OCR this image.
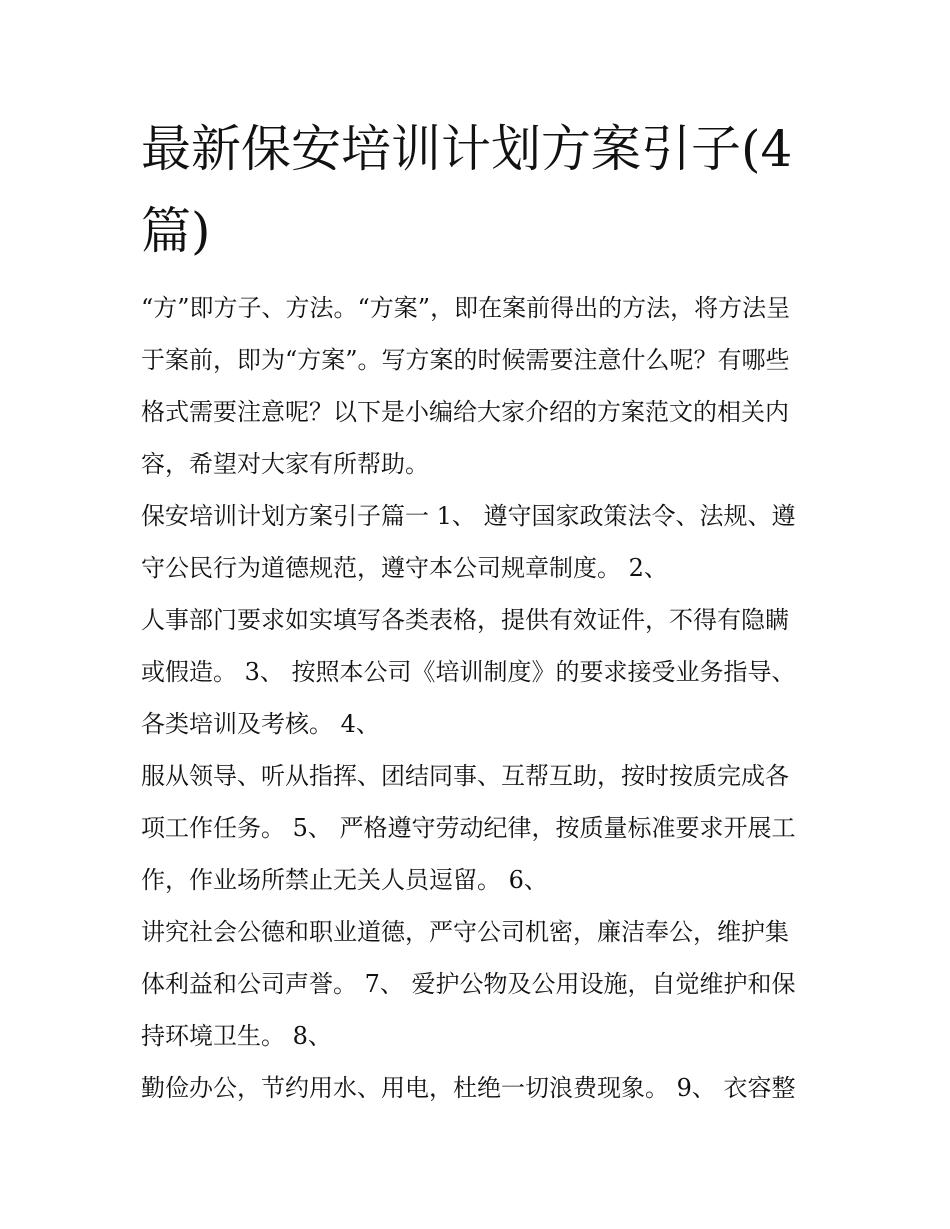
最新保安培训计划方案引子(4
篇)

“方”即方子、方法。“方案”，即在案前得出的方法，将方法呈
于案前，即为“方案”。写方案的时候需要注意什么呢？有哪些
格式需要注意呢？以下是小编给大家介绍的方案范文的相关内
容，希望对大家有所帮助。

保安培训计划方案引子篇一 1、 遵守国家政策法令、法规、遵
守公民行为道德规范，遵守本公司规章制度。 2、

人事部门要求如实填写各类表格，提供有效证件，不得有隐瞒
或假造。 3、 按照本公司《培训制度》的要求接受业务指导、
各类培训及考核。 4、

服从领导、听从指挥、团结同事、互帮互助，按时按质完成各
项工作任务。 5、 严格遵守劳动纪律，按质量标准要求开展工
作，作业场所禁止无关人员逗留。 6、

讲究社会公德和职业道德，严守公司机密，廉洁奉公，维护集
体利益和公司声誉。 7、 爱护公物及公用设施，自觉维护和保
持环境卫生。 8、

勤俭办公，节约用水、用电，杜绝一切浪费现象。 9、 衣容整
